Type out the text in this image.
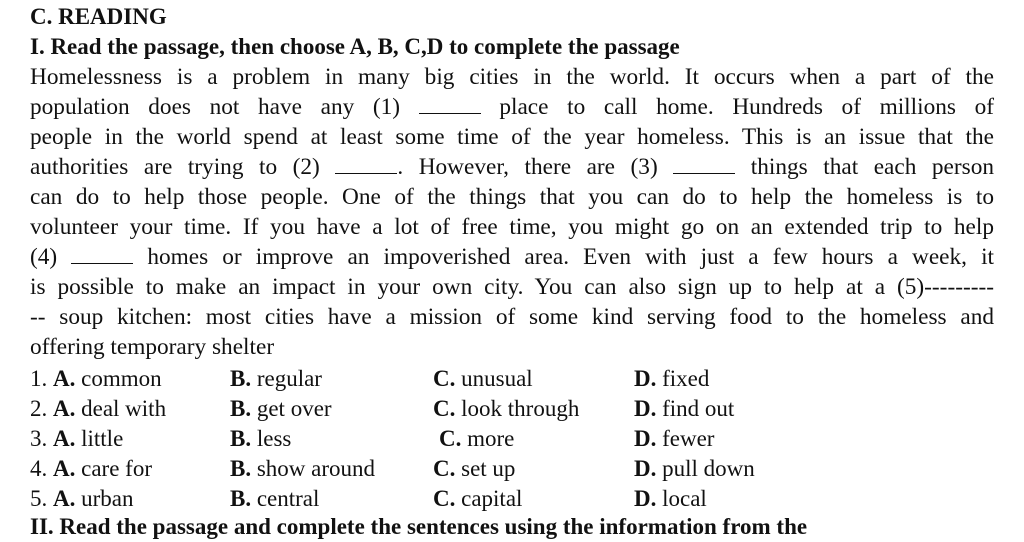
C. READING
I. Read the passage, then choose A, B, C,D to complete the passage
Homelessness is a problem in many big cities in the world. It occurs when a part of the
population does not have any (1)	place to call home. Hundreds of millions of
people in the world spend at least some time of the year homeless. This is an issue that the
authorities are trying to (2)	. However, there are (3)	things that each person
can do to help those people. One of the things that you can do to help the homeless is to
volunteer your time. If you have a lot of free time, you might go on an extended trip to help
(4)	homes or improve an impoverished area. Even with just a few hours a week, it
is possible to make an impact in your own city. You can also sign up to help at a (5)---------
-- soup kitchen: most cities have a mission of some kind serving food to the homeless and
offering temporary shelter
1. A. common	B. regular	C. unusual	D. fixed
2. A. deal with	B. get over	C. look through D. find out
3. A. little	B. less	C. more	D. fewer
4. A. care for	B. show around	C. set up	D. pull down
5. A. urban	B. central	C. capital	D. local
II. Read the passage and complete the sentences using the information from the
